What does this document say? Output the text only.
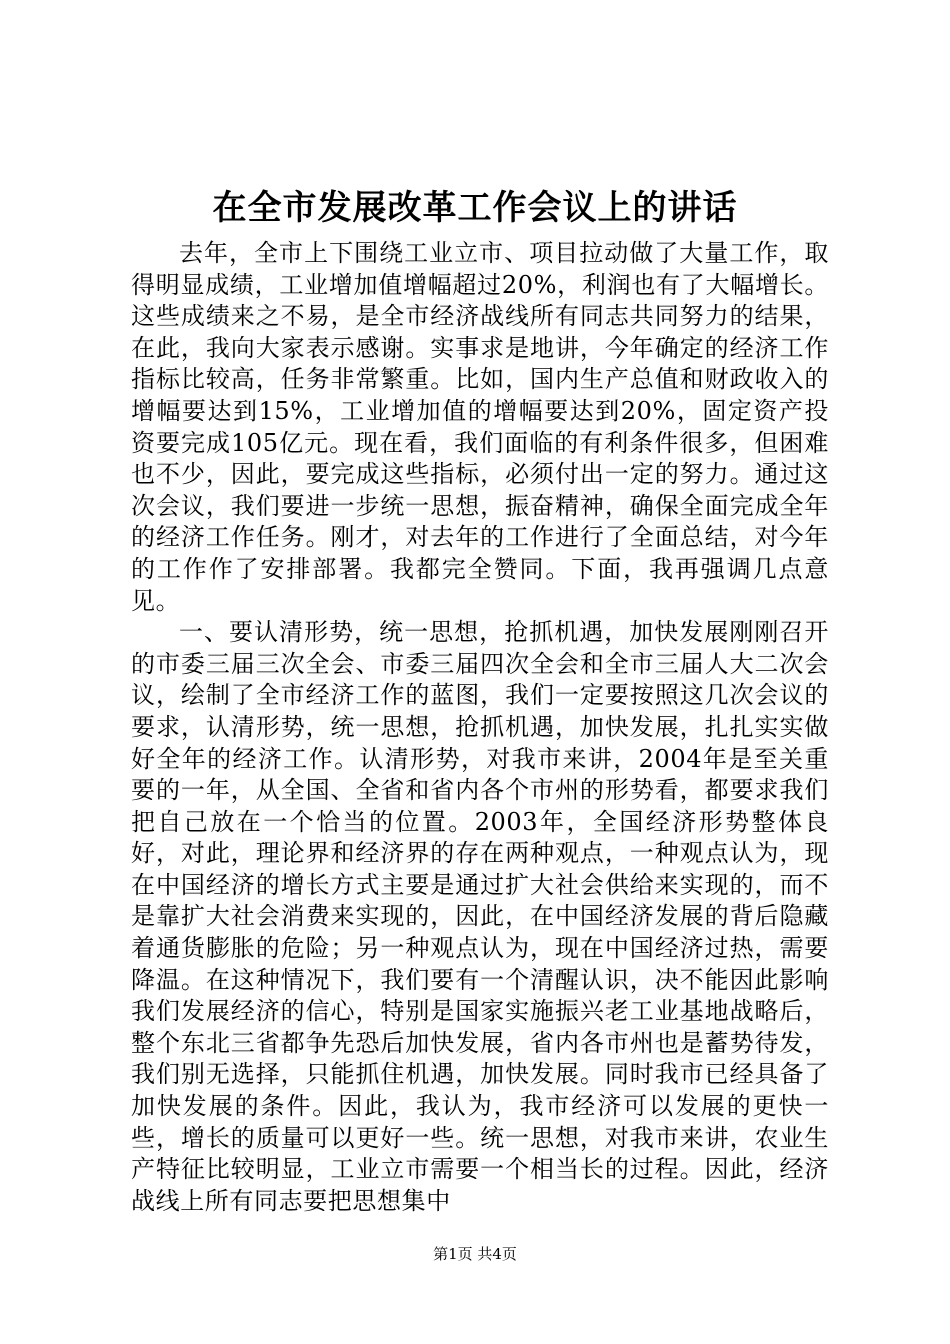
在全市发展改革工作会议上的讲话

去年，全市上下围绕工业立市、项目拉动做了大量工作，取得明显成绩，工业增加值增幅超过20%，利润也有了大幅增长。这些成绩来之不易，是全市经济战线所有同志共同努力的结果，在此，我向大家表示感谢。实事求是地讲，今年确定的经济工作指标比较高，任务非常繁重。比如，国内生产总值和财政收入的增幅要达到15%，工业增加值的增幅要达到20%，固定资产投资要完成105亿元。现在看，我们面临的有利条件很多，但困难也不少，因此，要完成这些指标，必须付出一定的努力。通过这次会议，我们要进一步统一思想，振奋精神，确保全面完成全年的经济工作任务。刚才，对去年的工作进行了全面总结，对今年的工作作了安排部署。我都完全赞同。下面，我再强调几点意见。

一、要认清形势，统一思想，抢抓机遇，加快发展刚刚召开的市委三届三次全会、市委三届四次全会和全市三届人大二次会议，绘制了全市经济工作的蓝图，我们一定要按照这几次会议的要求，认清形势，统一思想，抢抓机遇，加快发展，扎扎实实做好全年的经济工作。认清形势，对我市来讲，2004年是至关重要的一年，从全国、全省和省内各个市州的形势看，都要求我们把自己放在一个恰当的位置。2003年，全国经济形势整体良好，对此，理论界和经济界的存在两种观点，一种观点认为，现在中国经济的增长方式主要是通过扩大社会供给来实现的，而不是靠扩大社会消费来实现的，因此，在中国经济发展的背后隐藏着通货膨胀的危险；另一种观点认为，现在中国经济过热，需要降温。在这种情况下，我们要有一个清醒认识，决不能因此影响我们发展经济的信心，特别是国家实施振兴老工业基地战略后，整个东北三省都争先恐后加快发展，省内各市州也是蓄势待发，我们别无选择，只能抓住机遇，加快发展。同时我市已经具备了加快发展的条件。因此，我认为，我市经济可以发展的更快一些，增长的质量可以更好一些。统一思想，对我市来讲，农业生产特征比较明显，工业立市需要一个相当长的过程。因此，经济战线上所有同志要把思想集中

第1页 共4页
